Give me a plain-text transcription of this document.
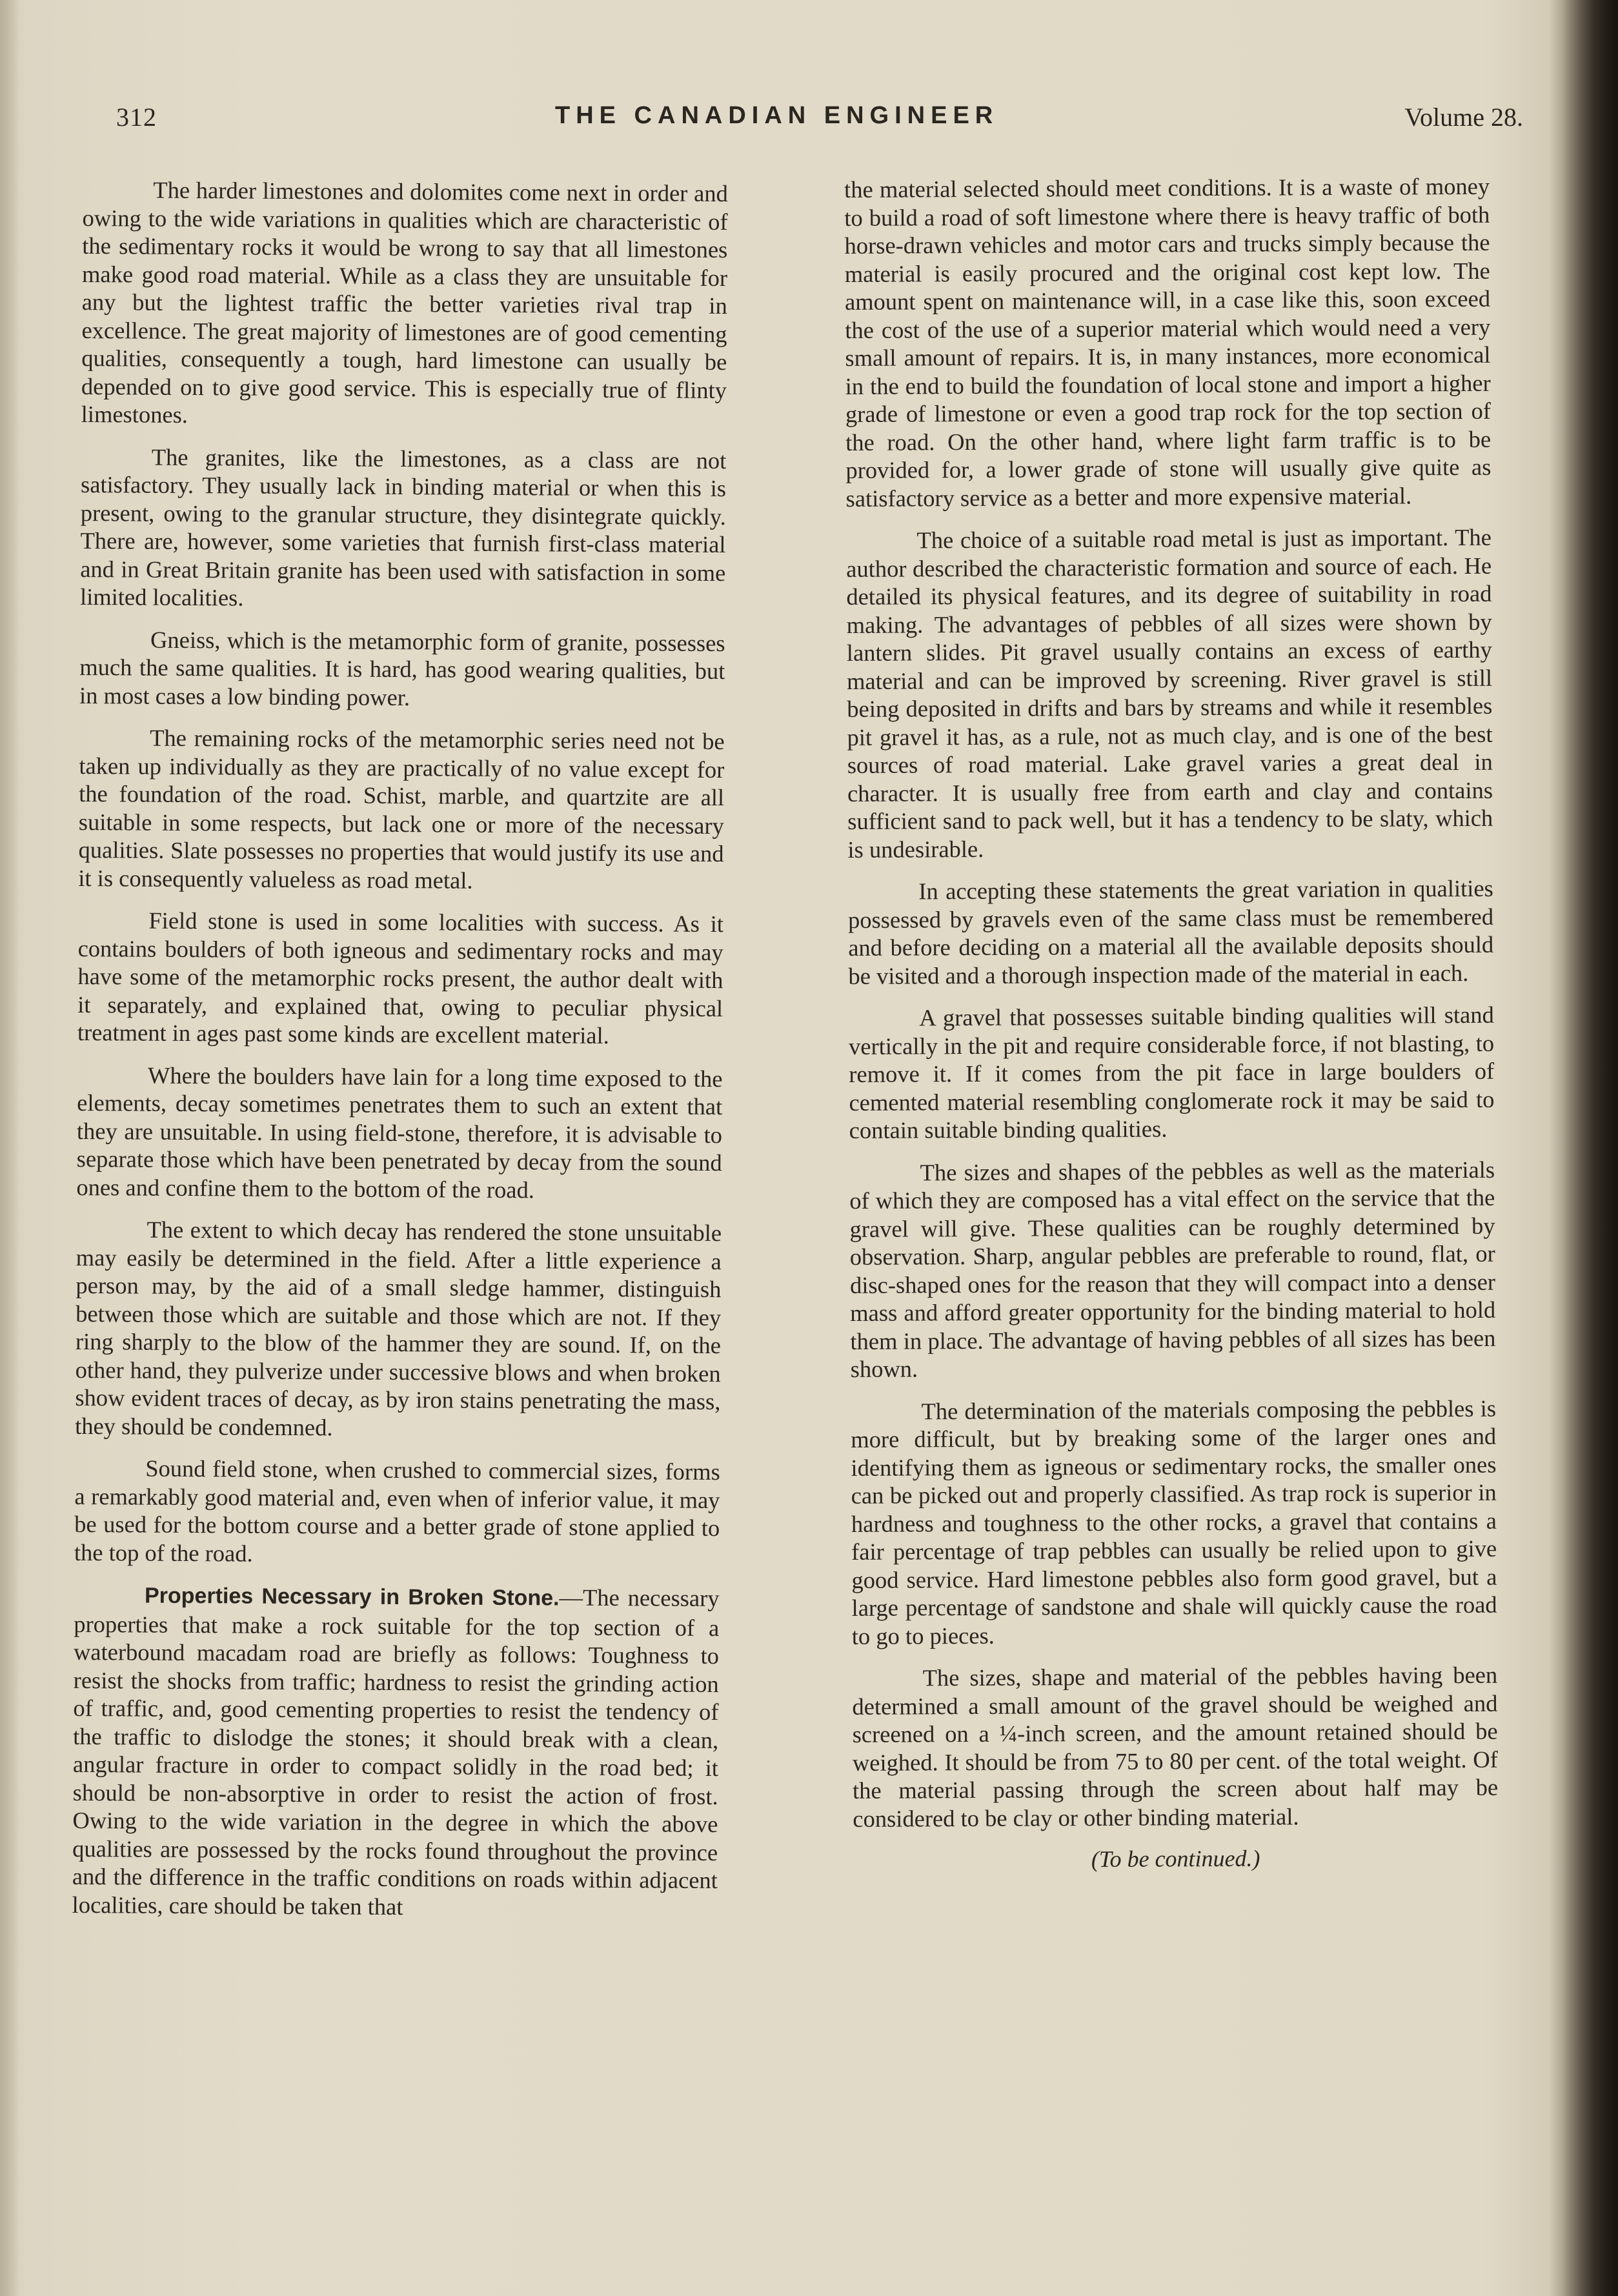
312	THE CANADIAN ENGINEER	Volume 28.

The harder limestones and dolomites come next in order and owing to the wide variations in qualities which are characteristic of the sedimentary rocks it would be wrong to say that all limestones make good road material. While as a class they are unsuitable for any but the lightest traffic the better varieties rival trap in excellence. The great majority of limestones are of good cementing qualities, consequently a tough, hard limestone can usually be depended on to give good service. This is especially true of flinty limestones.

The granites, like the limestones, as a class are not satisfactory. They usually lack in binding material or when this is present, owing to the granular structure, they disintegrate quickly. There are, however, some varieties that furnish first-class material and in Great Britain granite has been used with satisfaction in some limited localities.

Gneiss, which is the metamorphic form of granite, possesses much the same qualities. It is hard, has good wearing qualities, but in most cases a low binding power.

The remaining rocks of the metamorphic series need not be taken up individually as they are practically of no value except for the foundation of the road. Schist, marble, and quartzite are all suitable in some respects, but lack one or more of the necessary qualities. Slate possesses no properties that would justify its use and it is consequently valueless as road metal.

Field stone is used in some localities with success. As it contains boulders of both igneous and sedimentary rocks and may have some of the metamorphic rocks present, the author dealt with it separately, and explained that, owing to peculiar physical treatment in ages past some kinds are excellent material.

Where the boulders have lain for a long time exposed to the elements, decay sometimes penetrates them to such an extent that they are unsuitable. In using field-stone, therefore, it is advisable to separate those which have been penetrated by decay from the sound ones and confine them to the bottom of the road.

The extent to which decay has rendered the stone unsuitable may easily be determined in the field. After a little experience a person may, by the aid of a small sledge hammer, distinguish between those which are suitable and those which are not. If they ring sharply to the blow of the hammer they are sound. If, on the other hand, they pulverize under successive blows and when broken show evident traces of decay, as by iron stains penetrating the mass, they should be condemned.

Sound field stone, when crushed to commercial sizes, forms a remarkably good material and, even when of inferior value, it may be used for the bottom course and a better grade of stone applied to the top of the road.

Properties Necessary in Broken Stone.—The necessary properties that make a rock suitable for the top section of a waterbound macadam road are briefly as follows: Toughness to resist the shocks from traffic; hardness to resist the grinding action of traffic, and, good cementing properties to resist the tendency of the traffic to dislodge the stones; it should break with a clean, angular fracture in order to compact solidly in the road bed; it should be non-absorptive in order to resist the action of frost. Owing to the wide variation in the degree in which the above qualities are possessed by the rocks found throughout the province and the difference in the traffic conditions on roads within adjacent localities, care should be taken that

the material selected should meet conditions. It is a waste of money to build a road of soft limestone where there is heavy traffic of both horse-drawn vehicles and motor cars and trucks simply because the material is easily procured and the original cost kept low. The amount spent on maintenance will, in a case like this, soon exceed the cost of the use of a superior material which would need a very small amount of repairs. It is, in many instances, more economical in the end to build the foundation of local stone and import a higher grade of limestone or even a good trap rock for the top section of the road. On the other hand, where light farm traffic is to be provided for, a lower grade of stone will usually give quite as satisfactory service as a better and more expensive material.

The choice of a suitable road metal is just as important. The author described the characteristic formation and source of each. He detailed its physical features, and its degree of suitability in road making. The advantages of pebbles of all sizes were shown by lantern slides. Pit gravel usually contains an excess of earthy material and can be improved by screening. River gravel is still being deposited in drifts and bars by streams and while it resembles pit gravel it has, as a rule, not as much clay, and is one of the best sources of road material. Lake gravel varies a great deal in character. It is usually free from earth and clay and contains sufficient sand to pack well, but it has a tendency to be slaty, which is undesirable.

In accepting these statements the great variation in qualities possessed by gravels even of the same class must be remembered and before deciding on a material all the available deposits should be visited and a thorough inspection made of the material in each.

A gravel that possesses suitable binding qualities will stand vertically in the pit and require considerable force, if not blasting, to remove it. If it comes from the pit face in large boulders of cemented material resembling conglomerate rock it may be said to contain suitable binding qualities.

The sizes and shapes of the pebbles as well as the materials of which they are composed has a vital effect on the service that the gravel will give. These qualities can be roughly determined by observation. Sharp, angular pebbles are preferable to round, flat, or disc-shaped ones for the reason that they will compact into a denser mass and afford greater opportunity for the binding material to hold them in place. The advantage of having pebbles of all sizes has been shown.

The determination of the materials composing the pebbles is more difficult, but by breaking some of the larger ones and identifying them as igneous or sedimentary rocks, the smaller ones can be picked out and properly classified. As trap rock is superior in hardness and toughness to the other rocks, a gravel that contains a fair percentage of trap pebbles can usually be relied upon to give good service. Hard limestone pebbles also form good gravel, but a large percentage of sandstone and shale will quickly cause the road to go to pieces.

The sizes, shape and material of the pebbles having been determined a small amount of the gravel should be weighed and screened on a ¼-inch screen, and the amount retained should be weighed. It should be from 75 to 80 per cent. of the total weight. Of the material passing through the screen about half may be considered to be clay or other binding material.

(To be continued.)
